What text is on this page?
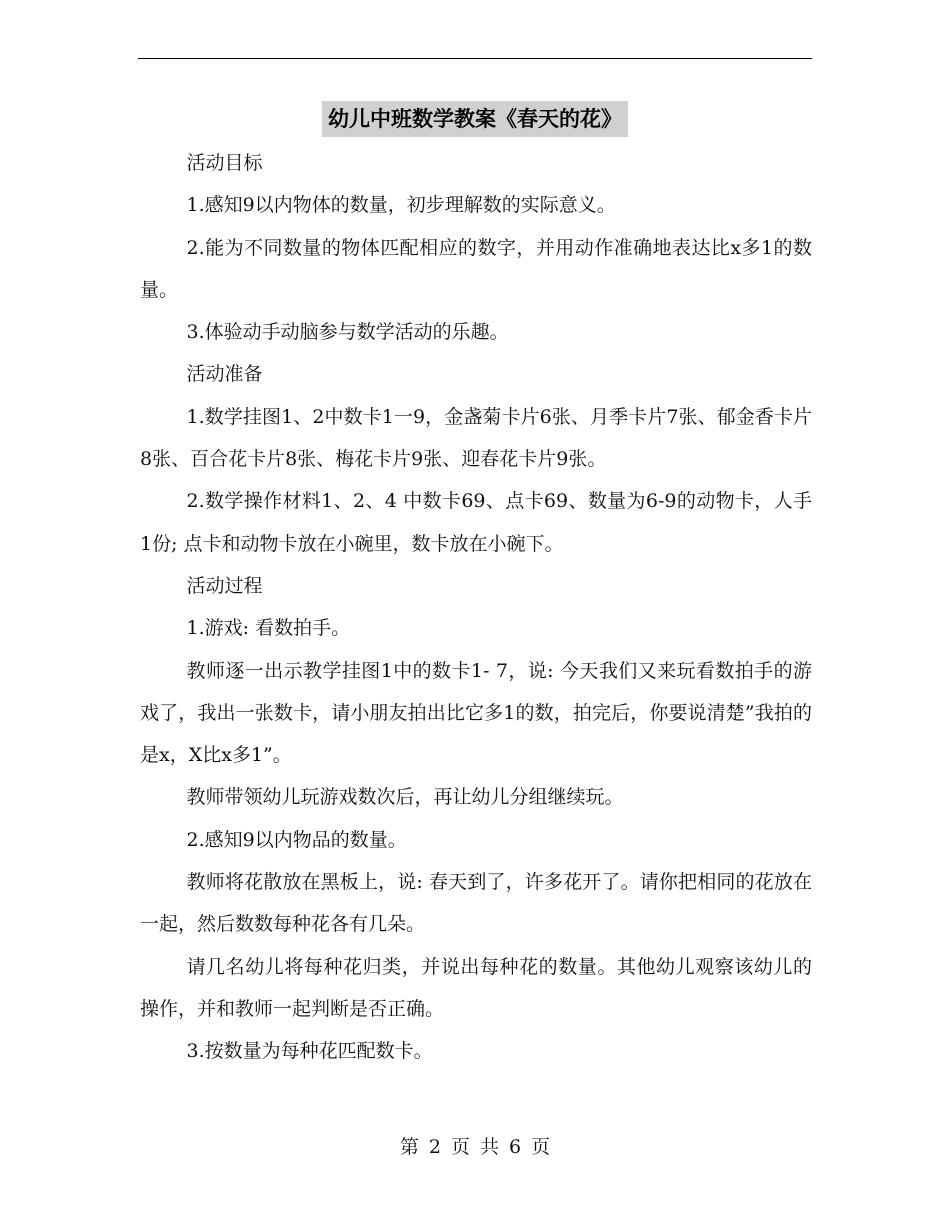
幼儿中班数学教案《春天的花》

活动目标

1.感知9以内物体的数量，初步理解数的实际意义。

2.能为不同数量的物体匹配相应的数字，并用动作准确地表达比x多1的数量。

3.体验动手动脑参与数学活动的乐趣。

活动准备

1.数学挂图1、2中数卡1一9，金盏菊卡片6张、月季卡片7张、郁金香卡片8张、百合花卡片8张、梅花卡片9张、迎春花卡片9张。

2.数学操作材料1、2、4 中数卡69、点卡69、数量为6-9的动物卡，人手1份; 点卡和动物卡放在小碗里，数卡放在小碗下。

活动过程

1.游戏: 看数拍手。

教师逐一出示教学挂图1中的数卡1- 7，说: 今天我们又来玩看数拍手的游戏了，我出一张数卡，请小朋友拍出比它多1的数，拍完后，你要说清楚”我拍的是x，X比x多1”。

教师带领幼儿玩游戏数次后，再让幼儿分组继续玩。

2.感知9以内物品的数量。

教师将花散放在黑板上，说: 春天到了，许多花开了。请你把相同的花放在一起，然后数数每种花各有几朵。

请几名幼儿将每种花归类，并说出每种花的数量。其他幼儿观察该幼儿的操作，并和教师一起判断是否正确。

3.按数量为每种花匹配数卡。

第 2 页 共 6 页
